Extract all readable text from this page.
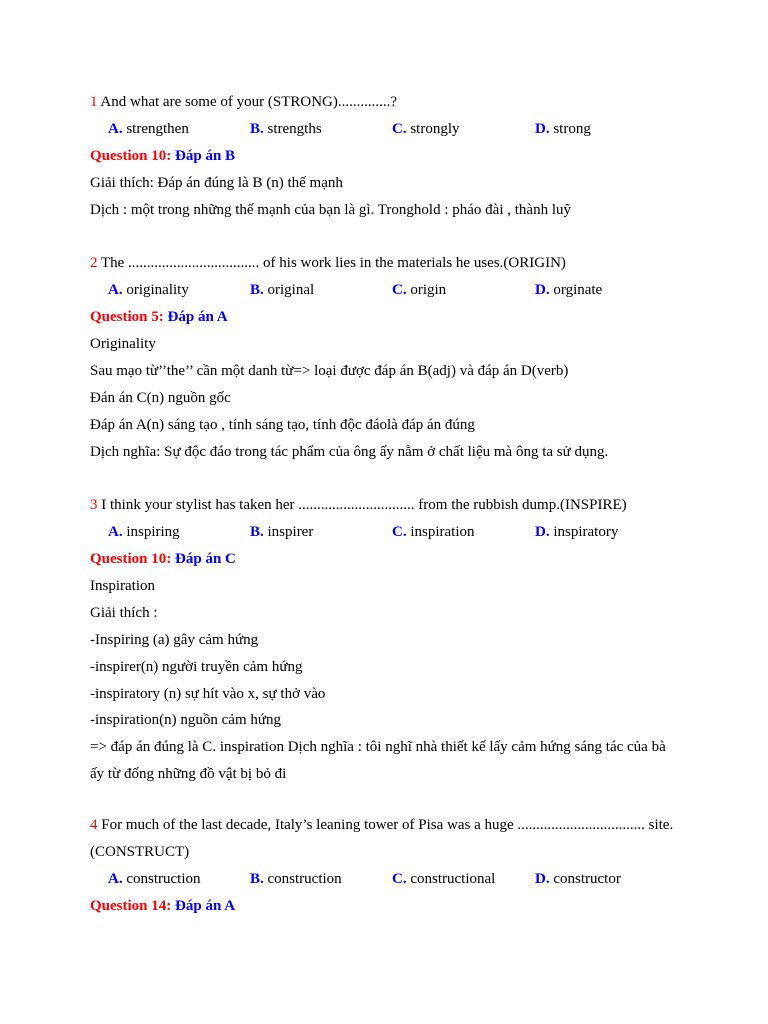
1 And what are some of your (STRONG)..............?
A. strengthen	B. strengths	C. strongly	D. strong
Question 10: Đáp án B
Giải thích: Đáp án đúng là B (n) thế mạnh
Dịch : một trong những thế mạnh của bạn là gì. Tronghold : pháo đài , thành luỹ
2 The ................................... of his work lies in the materials he uses.(ORIGIN)
A. originality	B. original	C. origin	D. orginate
Question 5: Đáp án A
Originality
Sau mạo từ’’the’’ cần một danh từ=> loại được đáp án B(adj) và đáp án D(verb)
Đán án C(n) nguồn gốc
Đáp án A(n) sáng tạo , tính sáng tạo, tính độc đáolà đáp án đúng
Dịch nghĩa: Sự độc đáo trong tác phẩm của ông ấy nằm ở chất liệu mà ông ta sử dụng.
3 I think your stylist has taken her ............................... from the rubbish dump.(INSPIRE)
A. inspiring	B. inspirer	C. inspiration	D. inspiratory
Question 10: Đáp án C
Inspiration
Giải thích :
-Inspiring (a) gây cảm hứng
-inspirer(n) người truyền cảm hứng
-inspiratory (n) sự hít vào x, sự thở vào
-inspiration(n) nguồn cảm hứng
=> đáp án đúng là C. inspiration Dịch nghĩa : tôi nghĩ nhà thiết kế lấy cảm hứng sáng tác của bà ấy từ đống những đồ vật bị bỏ đi
4 For much of the last decade, Italy’s leaning tower of Pisa was a huge .................................. site.
(CONSTRUCT)
A. construction	B. construction	C. constructional	D. constructor
Question 14: Đáp án A
